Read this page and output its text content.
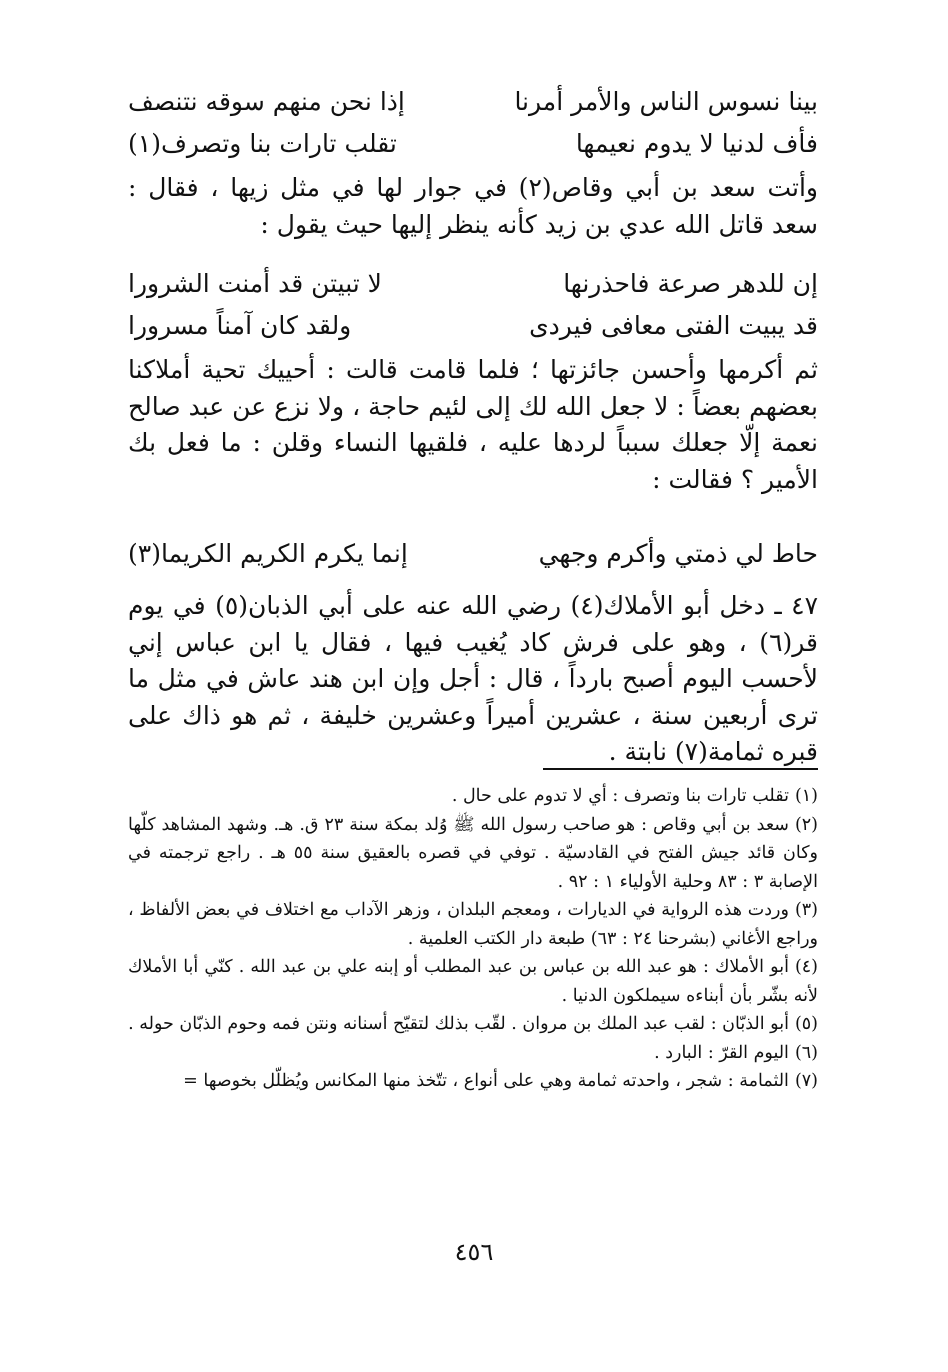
بينا نسوس الناس والأمر أمرنا
إذا نحن منهم سوقه نتنصف
فأف لدنيا لا يدوم نعيمها
تقلب تارات بنا وتصرف(١)

وأتت سعد بن أبي وقاص(٢) في جوار لها في مثل زيها ، فقال : سعد قاتل الله عدي بن زيد كأنه ينظر إليها حيث يقول :

إن للدهر صرعة فاحذرنها
لا تبيتن قد أمنت الشرورا
قد يبيت الفتى معافى فيردى
ولقد كان آمناً مسرورا

ثم أكرمها وأحسن جائزتها ؛ فلما قامت قالت : أحييك تحية أملاكنا بعضهم بعضاً : لا جعل الله لك إلى لئيم حاجة ، ولا نزع عن عبد صالح نعمة إلّا جعلك سبباً لردها عليه ، فلقيها النساء وقلن : ما فعل بك الأمير ؟ فقالت :

حاط لي ذمتي وأكرم وجهي
إنما يكرم الكريم الكريما(٣)

٤٧ ـ دخل أبو الأملاك(٤) رضي الله عنه على أبي الذبان(٥) في يوم قر(٦) ، وهو على فرش كاد يُغيب فيها ، فقال يا ابن عباس إني لأحسب اليوم أصبح بارداً ، قال : أجل وإن ابن هند عاش في مثل ما ترى أربعين سنة ، عشرين أميراً وعشرين خليفة ، ثم هو ذاك على قبره ثمامة(٧) نابتة .

(١)تقلب تارات بنا وتصرف : أي لا تدوم على حال .
(٢)سعد بن أبي وقاص : هو صاحب رسول الله ﷺ وُلد بمكة سنة ٢٣ ق. هـ. وشهد المشاهد كلّها وكان قائد جيش الفتح في القادسيّة . توفي في قصره بالعقيق سنة ٥٥ هـ . راجع ترجمته في الإصابة ٣ : ٨٣ وحلية الأولياء ١ : ٩٢ .
(٣)وردت هذه الرواية في الديارات ، ومعجم البلدان ، وزهر الآداب مع اختلاف في بعض الألفاظ ، وراجع الأغاني (بشرحنا ٢٤ : ٦٣) طبعة دار الكتب العلمية .
(٤)أبو الأملاك : هو عبد الله بن عباس بن عبد المطلب أو إبنه علي بن عبد الله . كنّي أبا الأملاك لأنه بشّر بأن أبناءه سيملكون الدنيا .
(٥)أبو الذبّان : لقب عبد الملك بن مروان . لقّب بذلك لتقيّح أسنانه ونتن فمه وحوم الذبّان حوله .
(٦)اليوم القرّ : البارد .
(٧)الثمامة : شجر ، واحدته ثمامة وهي على أنواع ، تتّخذ منها المكانس ويُظلّل بخوصها =
٤٥٦
